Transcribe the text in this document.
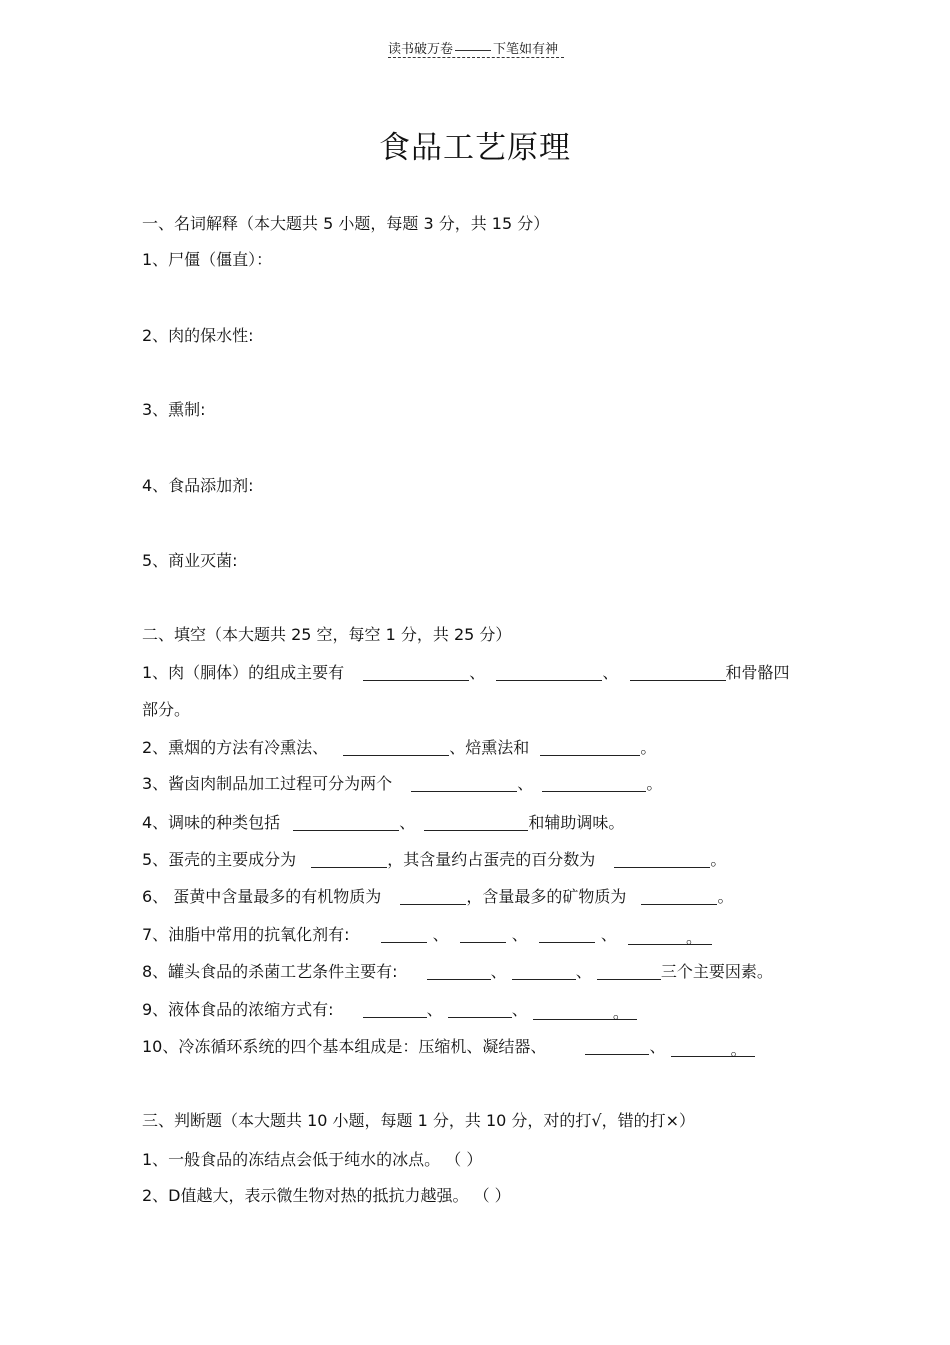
读书破万卷	下笔如有神
食品工艺原理
一、名词解释（本大题共 5 小题，每题 3 分，共 15 分）
1、尸僵（僵直）：
2、肉的保水性:
3、熏制:
4、食品添加剂:
5、商业灭菌:
二、填空（本大题共 25 空，每空 1 分，共 25 分）
1、肉（胴体）的组成主要有	、	、	和骨骼四
部分。
2、熏烟的方法有冷熏法、	、焙熏法和	。
3、酱卤肉制品加工过程可分为两个	、	。
4、调味的种类包括	、	和辅助调味。
5、蛋壳的主要成分为	，其含量约占蛋壳的百分数为	。
6、 蛋黄中含量最多的有机物质为	，含量最多的矿物质为	。
7、油脂中常用的抗氧化剂有:	、	、	、	。
8、罐头食品的杀菌工艺条件主要有:	、	、	三个主要因素。
9、液体食品的浓缩方式有:	、	、	。
10、冷冻循环系统的四个基本组成是：压缩机、凝结器、	、	。
三、判断题（本大题共 10 小题，每题 1 分，共 10 分，对的打√，错的打×）
1、一般食品的冻结点会低于纯水的冰点。 （ ）
2、D值越大，表示微生物对热的抵抗力越强。 （ ）
